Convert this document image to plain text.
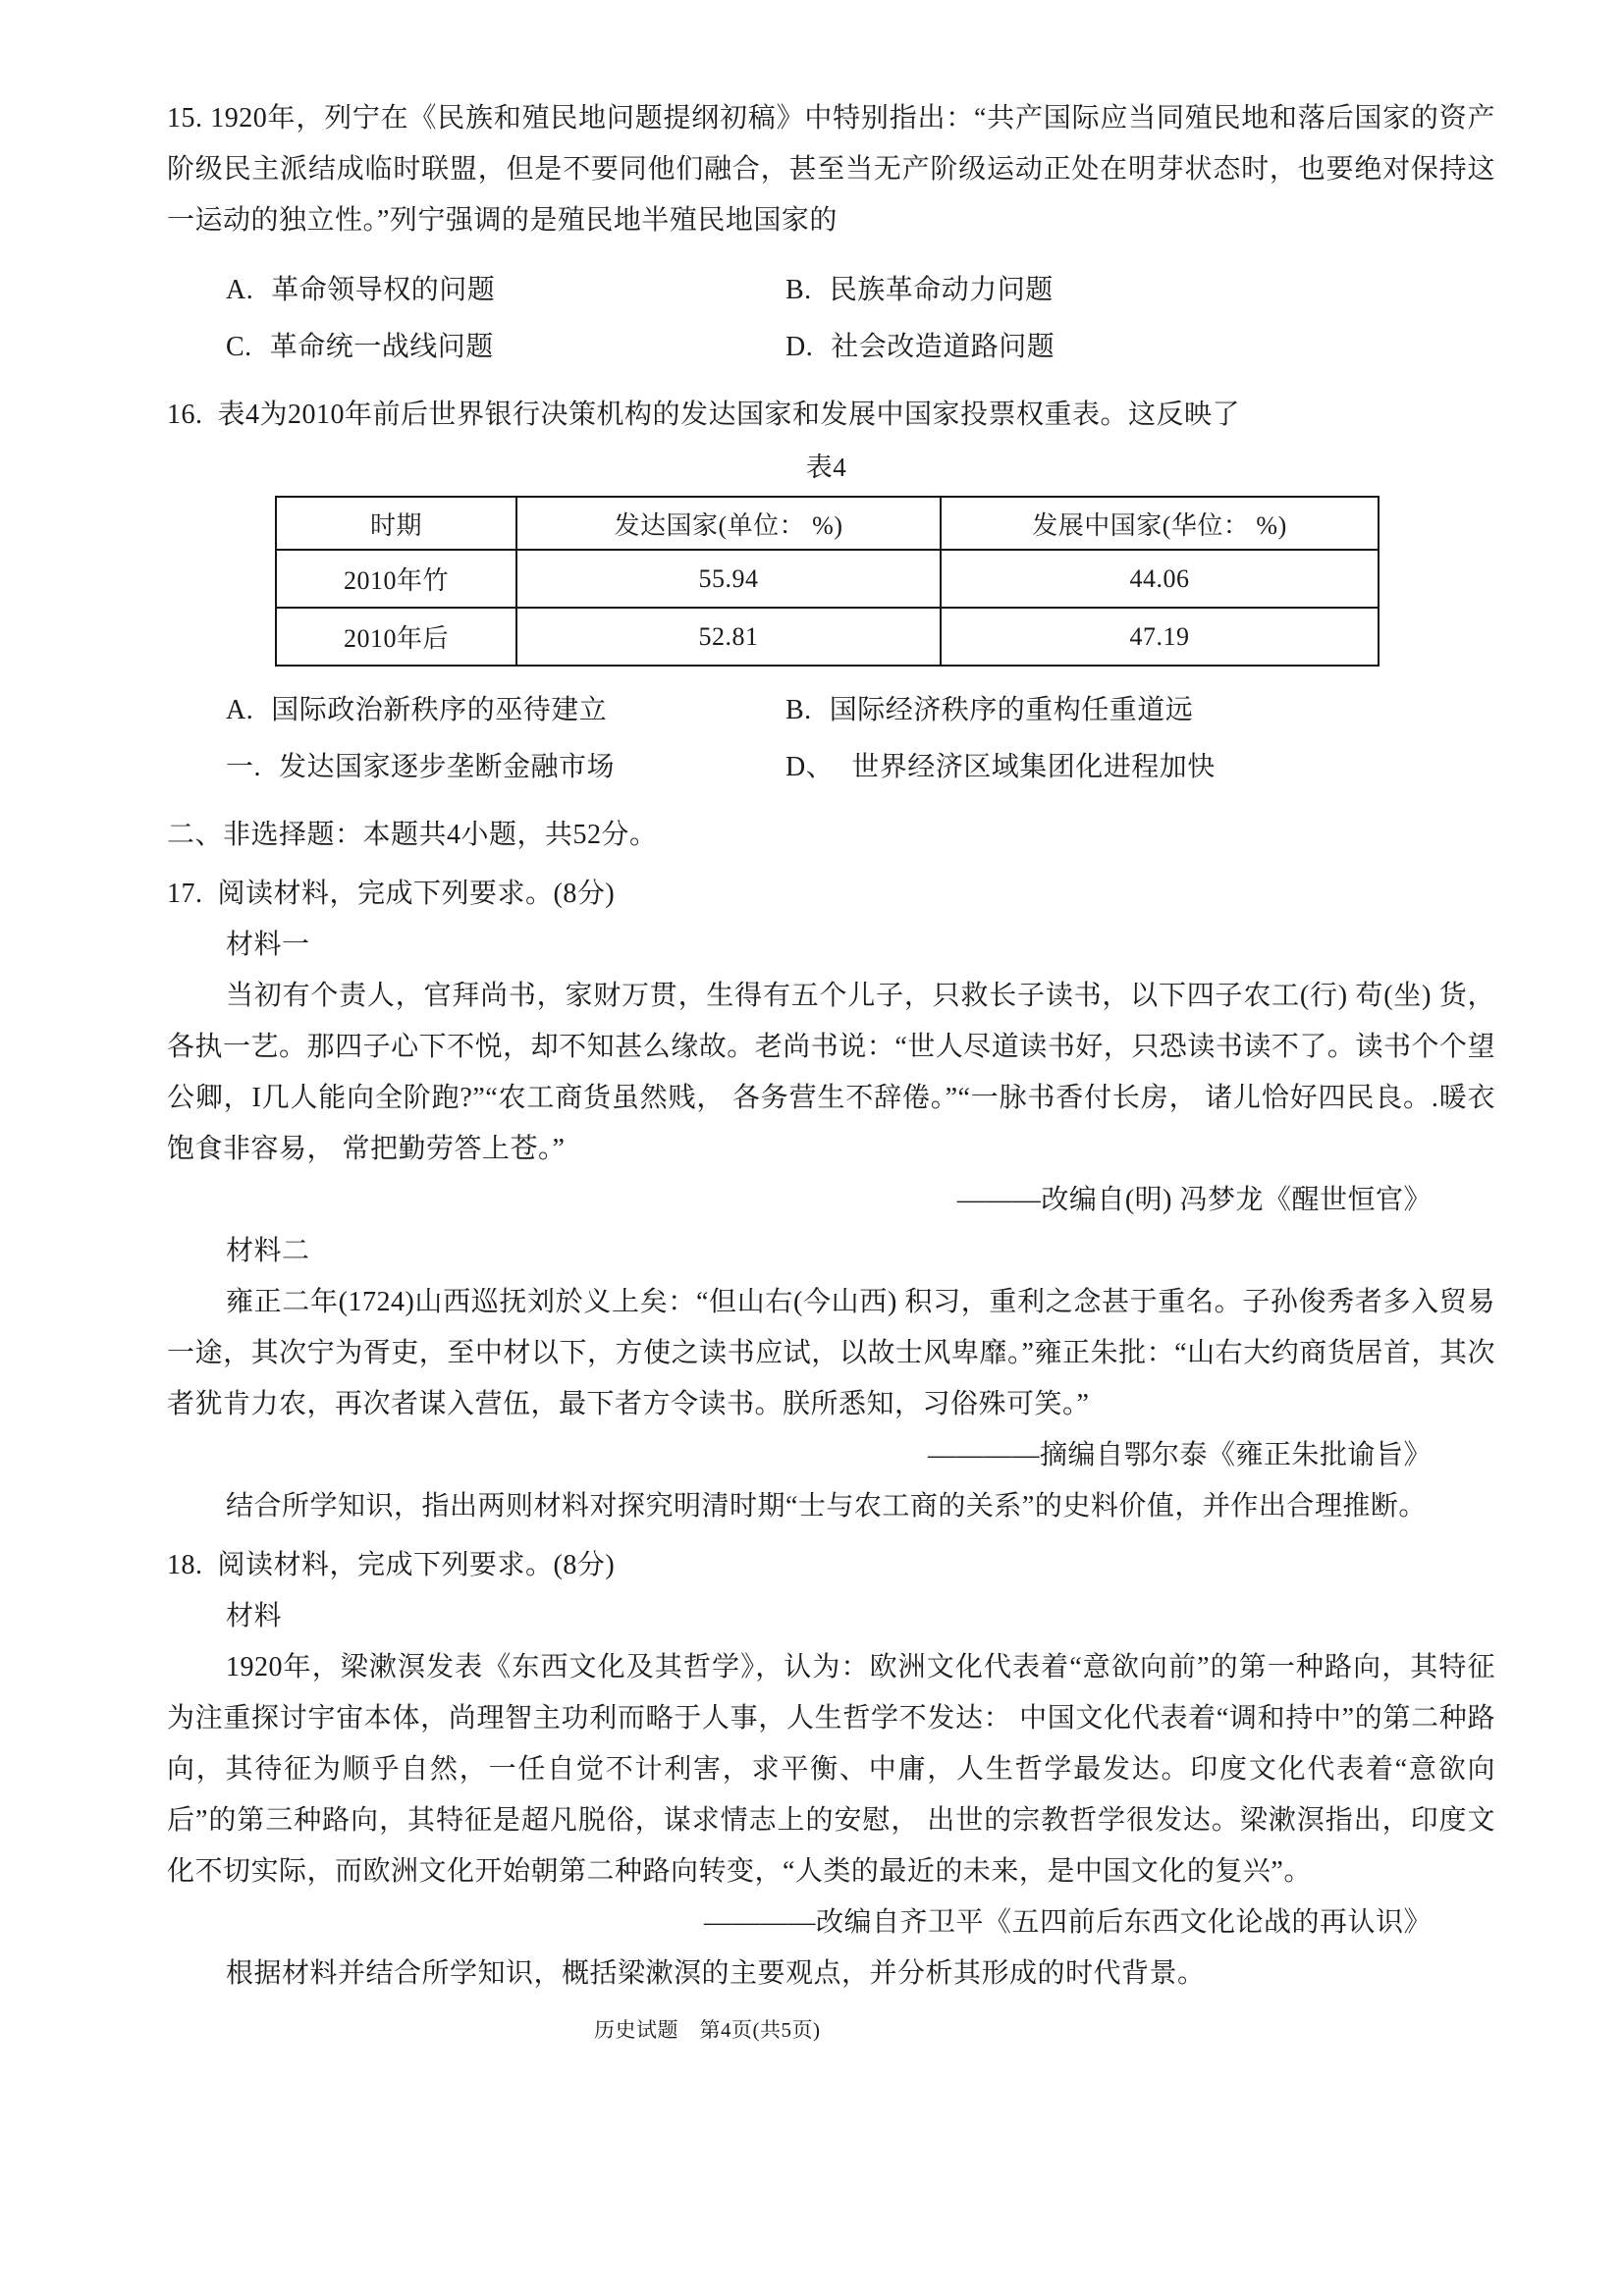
15. 1920年，列宁在《民族和殖民地问题提纲初稿》中特别指出：“共产国际应当同殖民地和落后国家的资产阶级民主派结成临时联盟，但是不要同他们融合，甚至当无产阶级运动正处在明芽状态时，也要绝对保持这一运动的独立性。”列宁强调的是殖民地半殖民地国家的

A. 革命领导权的问题	B. 民族革命动力问题
C. 革命统一战线问题	D. 社会改造道路问题

16.  表4为2010年前后世界银行决策机构的发达国家和发展中国家投票权重表。这反映了

表4
时期	发达国家(单位： %)	发展中国家(华位： %)
2010年竹	55.94	44.06
2010年后	52.81	47.19
A. 国际政治新秩序的巫待建立	B. 国际经济秩序的重构任重道远
一. 发达国家逐步垄断金融市场	D、 世界经济区域集团化进程加快

二、非选择题：本题共4小题，共52分。

17.  阅读材料，完成下列要求。(8分)

材料一

当初有个责人，官拜尚书，家财万贯，生得有五个儿子，只救长子读书，以下四子农工(行) 苟(坐) 货，各执一艺。那四子心下不悦，却不知甚么缘故。老尚书说：“世人尽道读书好，只恐读书读不了。读书个个望公卿，I几人能向全阶跑?”“农工商货虽然贱， 各务营生不辞倦。”“一脉书香付长房， 诸儿恰好四民良。.暖衣饱食非容易， 常把勤劳答上苍。”

———改编自(明) 冯梦龙《醒世恒官》

材料二

雍正二年(1724)山西巡抚刘於义上矣：“但山右(今山西) 积习，重利之念甚于重名。子孙俊秀者多入贸易一途，其次宁为胥吏，至中材以下，方使之读书应试，以故士风卑靡。”雍正朱批：“山右大约商货居首，其次者犹肯力农，再次者谋入营伍，最下者方令读书。朕所悉知，习俗殊可笑。”

————摘编自鄂尔泰《雍正朱批谕旨》

结合所学知识，指出两则材料对探究明清时期“士与农工商的关系”的史料价值，并作出合理推断。

18.  阅读材料，完成下列要求。(8分)

材料

1920年，梁漱溟发表《东西文化及其哲学》，认为：欧洲文化代表着“意欲向前”的第一种路向，其特征为注重探讨宇宙本体，尚理智主功利而略于人事，人生哲学不发达： 中国文化代表着“调和持中”的第二种路向，其待征为顺乎自然，一任自觉不计利害，求平衡、中庸，人生哲学最发达。印度文化代表着“意欲向后”的第三种路向，其特征是超凡脱俗，谋求情志上的安慰， 出世的宗教哲学很发达。梁漱溟指出，印度文化不切实际，而欧洲文化开始朝第二种路向转变，“人类的最近的未来，是中国文化的复兴”。

————改编自齐卫平《五四前后东西文化论战的再认识》

根据材料并结合所学知识，概括梁漱溟的主要观点，并分析其形成的时代背景。

历史试题　第4页(共5页)
